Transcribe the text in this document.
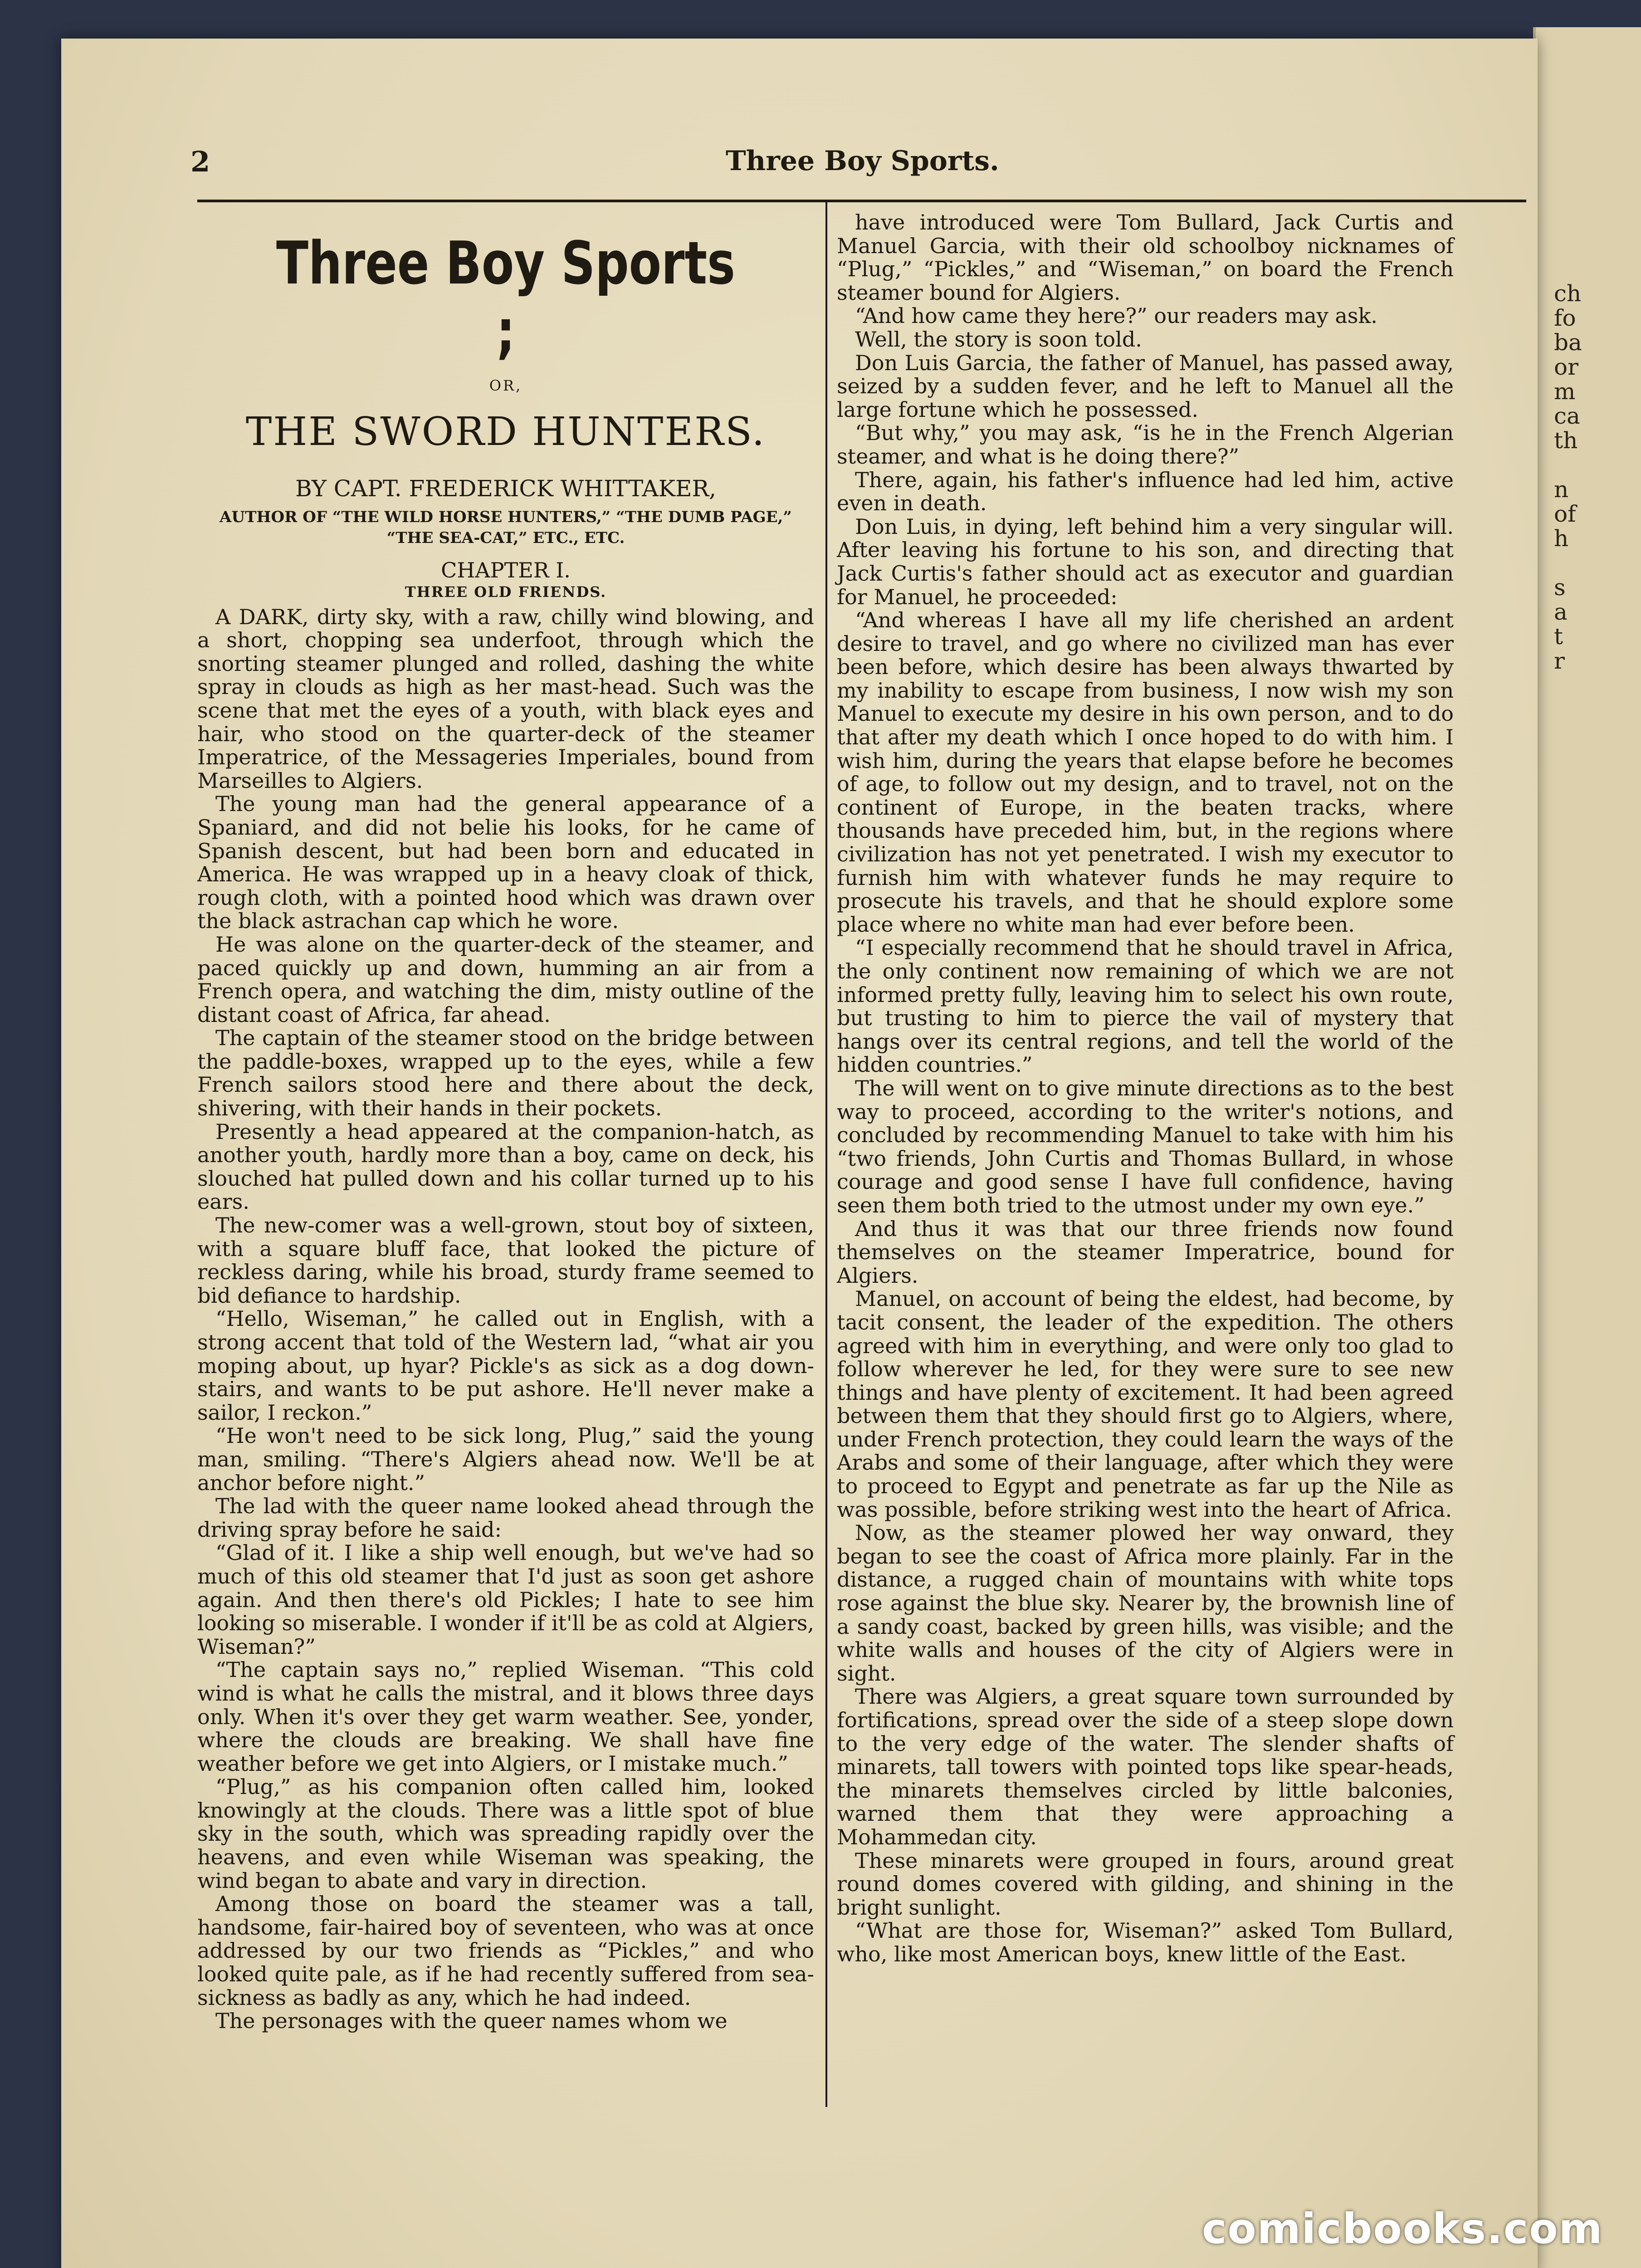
ch
fo
ba
or
m
ca
th

n
of
h

s
a
t
r
2	Three Boy Sports.
Three Boy Sports ;
OR,
THE SWORD HUNTERS.
BY CAPT. FREDERICK WHITTAKER,
AUTHOR OF “THE WILD HORSE HUNTERS,” “THE DUMB PAGE,” “THE SEA-CAT,” ETC., ETC.
CHAPTER I.
THREE OLD FRIENDS.

A DARK, dirty sky, with a raw, chilly wind blowing, and a short, chopping sea underfoot, through which the snorting steamer plunged and rolled, dashing the white spray in clouds as high as her mast-head. Such was the scene that met the eyes of a youth, with black eyes and hair, who stood on the quarter-deck of the steamer Imperatrice, of the Messageries Imperiales, bound from Marseilles to Algiers.

The young man had the general appearance of a Spaniard, and did not belie his looks, for he came of Spanish descent, but had been born and educated in America. He was wrapped up in a heavy cloak of thick, rough cloth, with a pointed hood which was drawn over the black astrachan cap which he wore.

He was alone on the quarter-deck of the steamer, and paced quickly up and down, humming an air from a French opera, and watching the dim, misty outline of the distant coast of Africa, far ahead.

The captain of the steamer stood on the bridge between the paddle-boxes, wrapped up to the eyes, while a few French sailors stood here and there about the deck, shivering, with their hands in their pockets.

Presently a head appeared at the companion-hatch, as another youth, hardly more than a boy, came on deck, his slouched hat pulled down and his collar turned up to his ears.

The new-comer was a well-grown, stout boy of sixteen, with a square bluff face, that looked the picture of reckless daring, while his broad, sturdy frame seemed to bid defiance to hardship.

“Hello, Wiseman,” he called out in English, with a strong accent that told of the Western lad, “what air you moping about, up hyar? Pickle's as sick as a dog down-stairs, and wants to be put ashore. He'll never make a sailor, I reckon.”

“He won't need to be sick long, Plug,” said the young man, smiling. “There's Algiers ahead now. We'll be at anchor before night.”

The lad with the queer name looked ahead through the driving spray before he said:

“Glad of it. I like a ship well enough, but we've had so much of this old steamer that I'd just as soon get ashore again. And then there's old Pickles; I hate to see him looking so miserable. I wonder if it'll be as cold at Algiers, Wiseman?”

“The captain says no,” replied Wiseman. “This cold wind is what he calls the mistral, and it blows three days only. When it's over they get warm weather. See, yonder, where the clouds are breaking. We shall have fine weather before we get into Algiers, or I mistake much.”

“Plug,” as his companion often called him, looked knowingly at the clouds. There was a little spot of blue sky in the south, which was spreading rapidly over the heavens, and even while Wiseman was speaking, the wind began to abate and vary in direction.

Among those on board the steamer was a tall, handsome, fair-haired boy of seventeen, who was at once addressed by our two friends as “Pickles,” and who looked quite pale, as if he had recently suffered from sea-sickness as badly as any, which he had indeed.

The personages with the queer names whom we

have introduced were Tom Bullard, Jack Curtis and Manuel Garcia, with their old schoolboy nicknames of “Plug,” “Pickles,” and “Wiseman,” on board the French steamer bound for Algiers.

“And how came they here?” our readers may ask.

Well, the story is soon told.

Don Luis Garcia, the father of Manuel, has passed away, seized by a sudden fever, and he left to Manuel all the large fortune which he possessed.

“But why,” you may ask, “is he in the French Algerian steamer, and what is he doing there?”

There, again, his father's influence had led him, active even in death.

Don Luis, in dying, left behind him a very singular will. After leaving his fortune to his son, and directing that Jack Curtis's father should act as executor and guardian for Manuel, he proceeded:

“And whereas I have all my life cherished an ardent desire to travel, and go where no civilized man has ever been before, which desire has been always thwarted by my inability to escape from business, I now wish my son Manuel to execute my desire in his own person, and to do that after my death which I once hoped to do with him. I wish him, during the years that elapse before he becomes of age, to follow out my design, and to travel, not on the continent of Europe, in the beaten tracks, where thousands have preceded him, but, in the regions where civilization has not yet penetrated. I wish my executor to furnish him with whatever funds he may require to prosecute his travels, and that he should explore some place where no white man had ever before been.

“I especially recommend that he should travel in Africa, the only continent now remaining of which we are not informed pretty fully, leaving him to select his own route, but trusting to him to pierce the vail of mystery that hangs over its central regions, and tell the world of the hidden countries.”

The will went on to give minute directions as to the best way to proceed, according to the writer's notions, and concluded by recommending Manuel to take with him his “two friends, John Curtis and Thomas Bullard, in whose courage and good sense I have full confidence, having seen them both tried to the utmost under my own eye.”

And thus it was that our three friends now found themselves on the steamer Imperatrice, bound for Algiers.

Manuel, on account of being the eldest, had become, by tacit consent, the leader of the expedition. The others agreed with him in everything, and were only too glad to follow wherever he led, for they were sure to see new things and have plenty of excitement. It had been agreed between them that they should first go to Algiers, where, under French protection, they could learn the ways of the Arabs and some of their language, after which they were to proceed to Egypt and penetrate as far up the Nile as was possible, before striking west into the heart of Africa.

Now, as the steamer plowed her way onward, they began to see the coast of Africa more plainly. Far in the distance, a rugged chain of mountains with white tops rose against the blue sky. Nearer by, the brownish line of a sandy coast, backed by green hills, was visible; and the white walls and houses of the city of Algiers were in sight.

There was Algiers, a great square town surrounded by fortifications, spread over the side of a steep slope down to the very edge of the water. The slender shafts of minarets, tall towers with pointed tops like spear-heads, the minarets themselves circled by little balconies, warned them that they were approaching a Mohammedan city.

These minarets were grouped in fours, around great round domes covered with gilding, and shining in the bright sunlight.

“What are those for, Wiseman?” asked Tom Bullard, who, like most American boys, knew little of the East.

comicbooks.com
